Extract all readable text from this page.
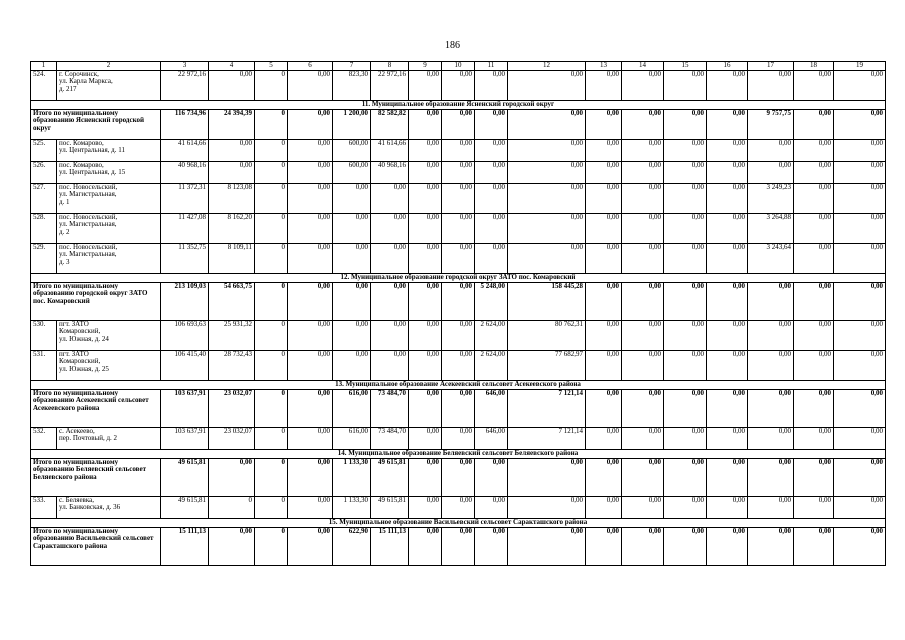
186
1	2	3	4	5	6	7	8	9	10	11	12	13	14	15	16	17	18	19
524.	г. Сорочинск,
ул. Карла Маркса,
д. 217	22 972,16	0,00	0	0,00	823,30	22 972,16	0,00	0,00	0,00	0,00	0,00	0,00	0,00	0,00	0,00	0,00	0,00
11. Муниципальное образование Ясненский городской округ																		
Итого по муниципальному образованию Ясненский городской округ		116 734,96	24 394,39	0	0,00	1 200,00	82 582,82	0,00	0,00	0,00	0,00	0,00	0,00	0,00	0,00	9 757,75	0,00	0,00
525.	пос. Комарово,
ул. Центральная, д. 11	41 614,66	0,00	0	0,00	600,00	41 614,66	0,00	0,00	0,00	0,00	0,00	0,00	0,00	0,00	0,00	0,00	0,00
526.	пос. Комарово,
ул. Центральная, д. 15	40 968,16	0,00	0	0,00	600,00	40 968,16	0,00	0,00	0,00	0,00	0,00	0,00	0,00	0,00	0,00	0,00	0,00
527.	пос. Новосельский,
ул. Магистральная,
д. 1	11 372,31	8 123,08	0	0,00	0,00	0,00	0,00	0,00	0,00	0,00	0,00	0,00	0,00	0,00	3 249,23	0,00	0,00
528.	пос. Новосельский,
ул. Магистральная,
д. 2	11 427,08	8 162,20	0	0,00	0,00	0,00	0,00	0,00	0,00	0,00	0,00	0,00	0,00	0,00	3 264,88	0,00	0,00
529.	пос. Новосельский,
ул. Магистральная,
д. 3	11 352,75	8 109,11	0	0,00	0,00	0,00	0,00	0,00	0,00	0,00	0,00	0,00	0,00	0,00	3 243,64	0,00	0,00
12. Муниципальное образование городской округ ЗАТО пос. Комаровский																		
Итого по муниципальному образованию городской округ ЗАТО пос. Комаровский		213 109,03	54 663,75	0	0,00	0,00	0,00	0,00	0,00	5 248,00	158 445,28	0,00	0,00	0,00	0,00	0,00	0,00	0,00
530.	пгт. ЗАТО
Комаровский,
ул. Южная, д. 24	106 693,63	25 931,32	0	0,00	0,00	0,00	0,00	0,00	2 624,00	80 762,31	0,00	0,00	0,00	0,00	0,00	0,00	0,00
531.	пгт. ЗАТО
Комаровский,
ул. Южная, д. 25	106 415,40	28 732,43	0	0,00	0,00	0,00	0,00	0,00	2 624,00	77 682,97	0,00	0,00	0,00	0,00	0,00	0,00	0,00
13. Муниципальное образование Асекеевский сельсовет Асекеевского района																		
Итого по муниципальному образованию Асекеевский сельсовет Асекеевского района		103 637,91	23 032,07	0	0,00	616,00	73 484,70	0,00	0,00	646,00	7 121,14	0,00	0,00	0,00	0,00	0,00	0,00	0,00
532.	с. Асекеево,
пер. Почтовый, д. 2	103 637,91	23 032,07	0	0,00	616,00	73 484,70	0,00	0,00	646,00	7 121,14	0,00	0,00	0,00	0,00	0,00	0,00	0,00
14. Муниципальное образование Беляевский сельсовет Беляевского района																		
Итого по муниципальному образованию Беляевский сельсовет Беляевского района		49 615,81	0,00	0	0,00	1 133,30	49 615,81	0,00	0,00	0,00	0,00	0,00	0,00	0,00	0,00	0,00	0,00	0,00
533.	с. Беляевка,
ул. Банковская, д. 36	49 615,81	0	0	0,00	1 133,30	49 615,81	0,00	0,00	0,00	0,00	0,00	0,00	0,00	0,00	0,00	0,00	0,00
15. Муниципальное образование Васильевский сельсовет Саракташского района																		
Итого по муниципальному образованию Васильевский сельсовет Саракташского района		15 111,13	0,00	0	0,00	622,90	15 111,13	0,00	0,00	0,00	0,00	0,00	0,00	0,00	0,00	0,00	0,00	0,00
